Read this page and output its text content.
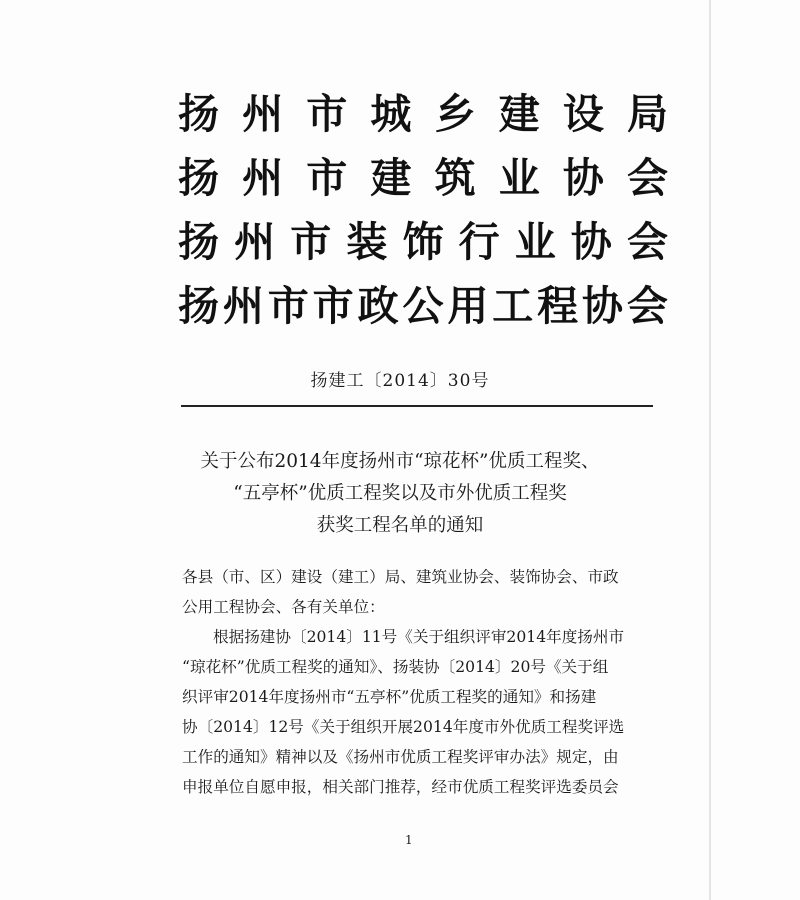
扬 州 市 城 乡 建 设 局
扬 州 市 建 筑 业 协 会
扬 州 市 装 饰 行 业 协 会
扬 州 市 市 政 公 用 工 程 协 会
扬建工〔2014〕30号
关于公布2014年度扬州市“琼花杯”优质工程奖、
“五亭杯”优质工程奖以及市外优质工程奖
获奖工程名单的通知
各县（市、区）建设（建工）局、建筑业协会、装饰协会、市政
公用工程协会、各有关单位：
根据扬建协〔2014〕11号《关于组织评审2014年度扬州市
“琼花杯”优质工程奖的通知》、扬装协〔2014〕20号《关于组
织评审2014年度扬州市“五亭杯”优质工程奖的通知》和扬建
协〔2014〕12号《关于组织开展2014年度市外优质工程奖评选
工作的通知》精神以及《扬州市优质工程奖评审办法》规定，由
申报单位自愿申报，相关部门推荐，经市优质工程奖评选委员会
1
